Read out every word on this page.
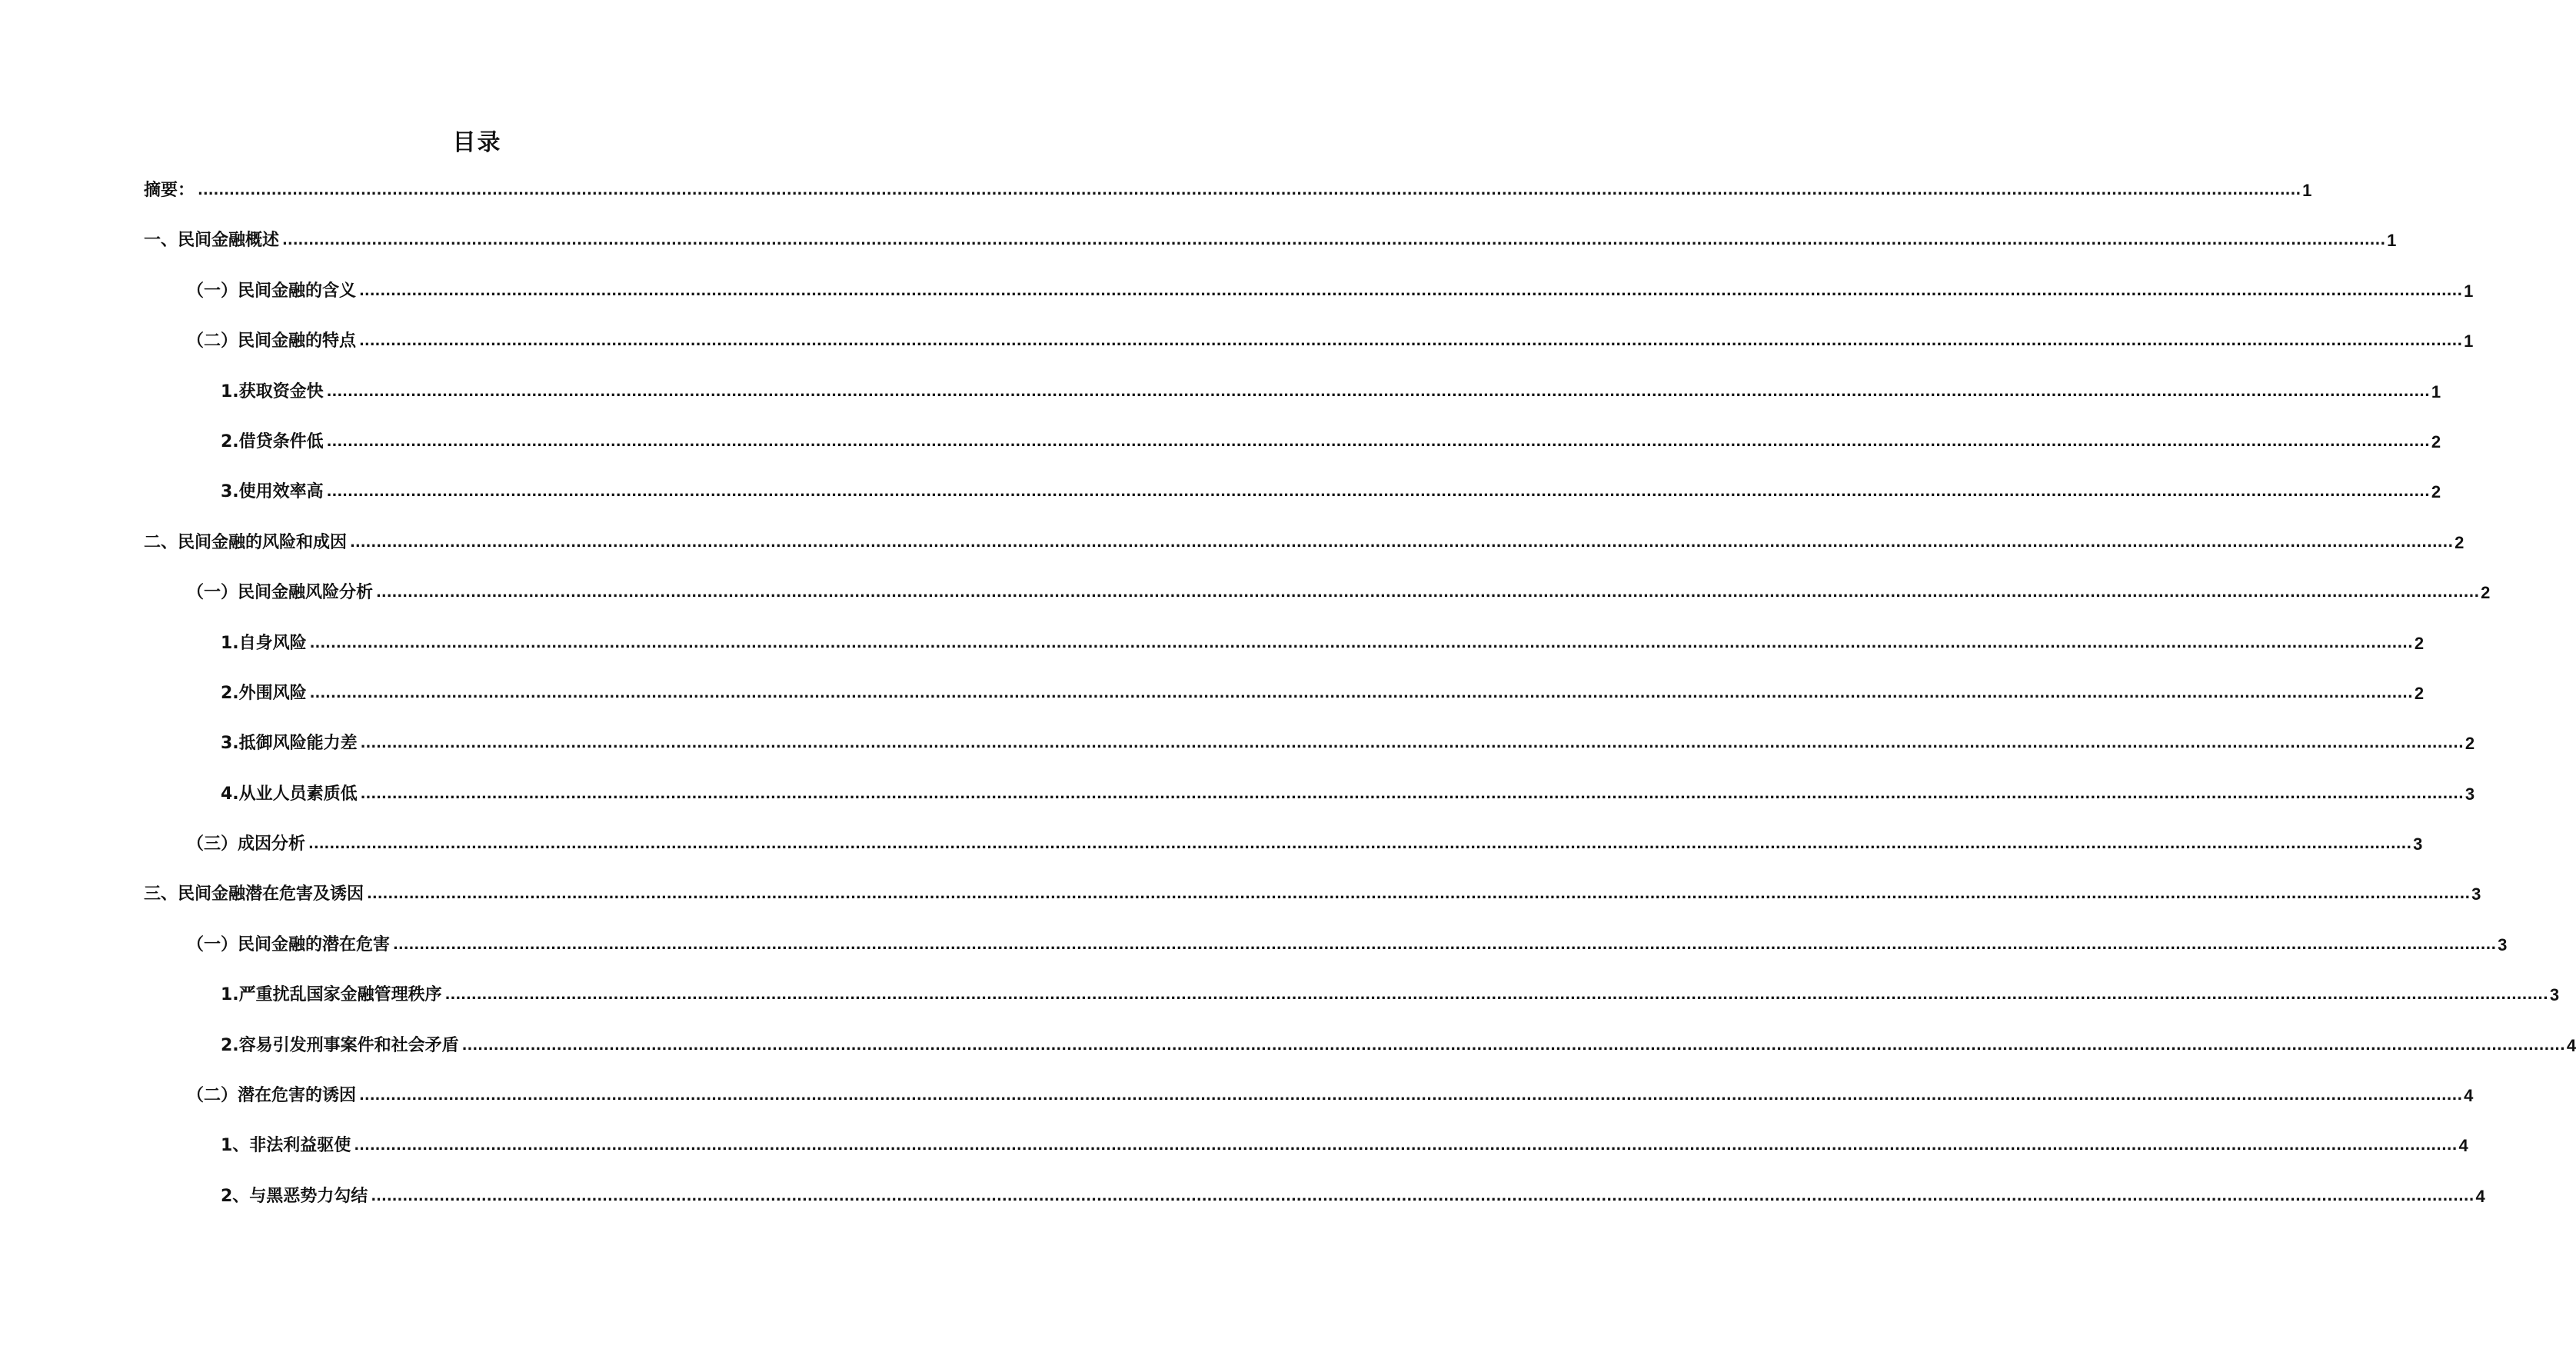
目录
摘要： ................................................................................................................................................................................................................................................................................................................................................................................................................ 1
一、民间金融概述 ................................................................................................................................................................................................................................................................................................................................................................................................................ 1
（一）民间金融的含义 ................................................................................................................................................................................................................................................................................................................................................................................................................ 1
（二）民间金融的特点 ................................................................................................................................................................................................................................................................................................................................................................................................................ 1
1.获取资金快 ................................................................................................................................................................................................................................................................................................................................................................................................................ 1
2.借贷条件低 ................................................................................................................................................................................................................................................................................................................................................................................................................ 2
3.使用效率高 ................................................................................................................................................................................................................................................................................................................................................................................................................ 2
二、民间金融的风险和成因 ................................................................................................................................................................................................................................................................................................................................................................................................................ 2
（一）民间金融风险分析 ................................................................................................................................................................................................................................................................................................................................................................................................................ 2
1.自身风险 ................................................................................................................................................................................................................................................................................................................................................................................................................ 2
2.外围风险 ................................................................................................................................................................................................................................................................................................................................................................................................................ 2
3.抵御风险能力差 ................................................................................................................................................................................................................................................................................................................................................................................................................ 2
4.从业人员素质低 ................................................................................................................................................................................................................................................................................................................................................................................................................ 3
（三）成因分析 ................................................................................................................................................................................................................................................................................................................................................................................................................ 3
三、民间金融潜在危害及诱因 ................................................................................................................................................................................................................................................................................................................................................................................................................ 3
（一）民间金融的潜在危害 ................................................................................................................................................................................................................................................................................................................................................................................................................ 3
1.严重扰乱国家金融管理秩序 ................................................................................................................................................................................................................................................................................................................................................................................................................ 3
2.容易引发刑事案件和社会矛盾 ................................................................................................................................................................................................................................................................................................................................................................................................................ 4
（二）潜在危害的诱因 ................................................................................................................................................................................................................................................................................................................................................................................................................ 4
1、非法利益驱使 ................................................................................................................................................................................................................................................................................................................................................................................................................ 4
2、与黑恶势力勾结 ................................................................................................................................................................................................................................................................................................................................................................................................................ 4
